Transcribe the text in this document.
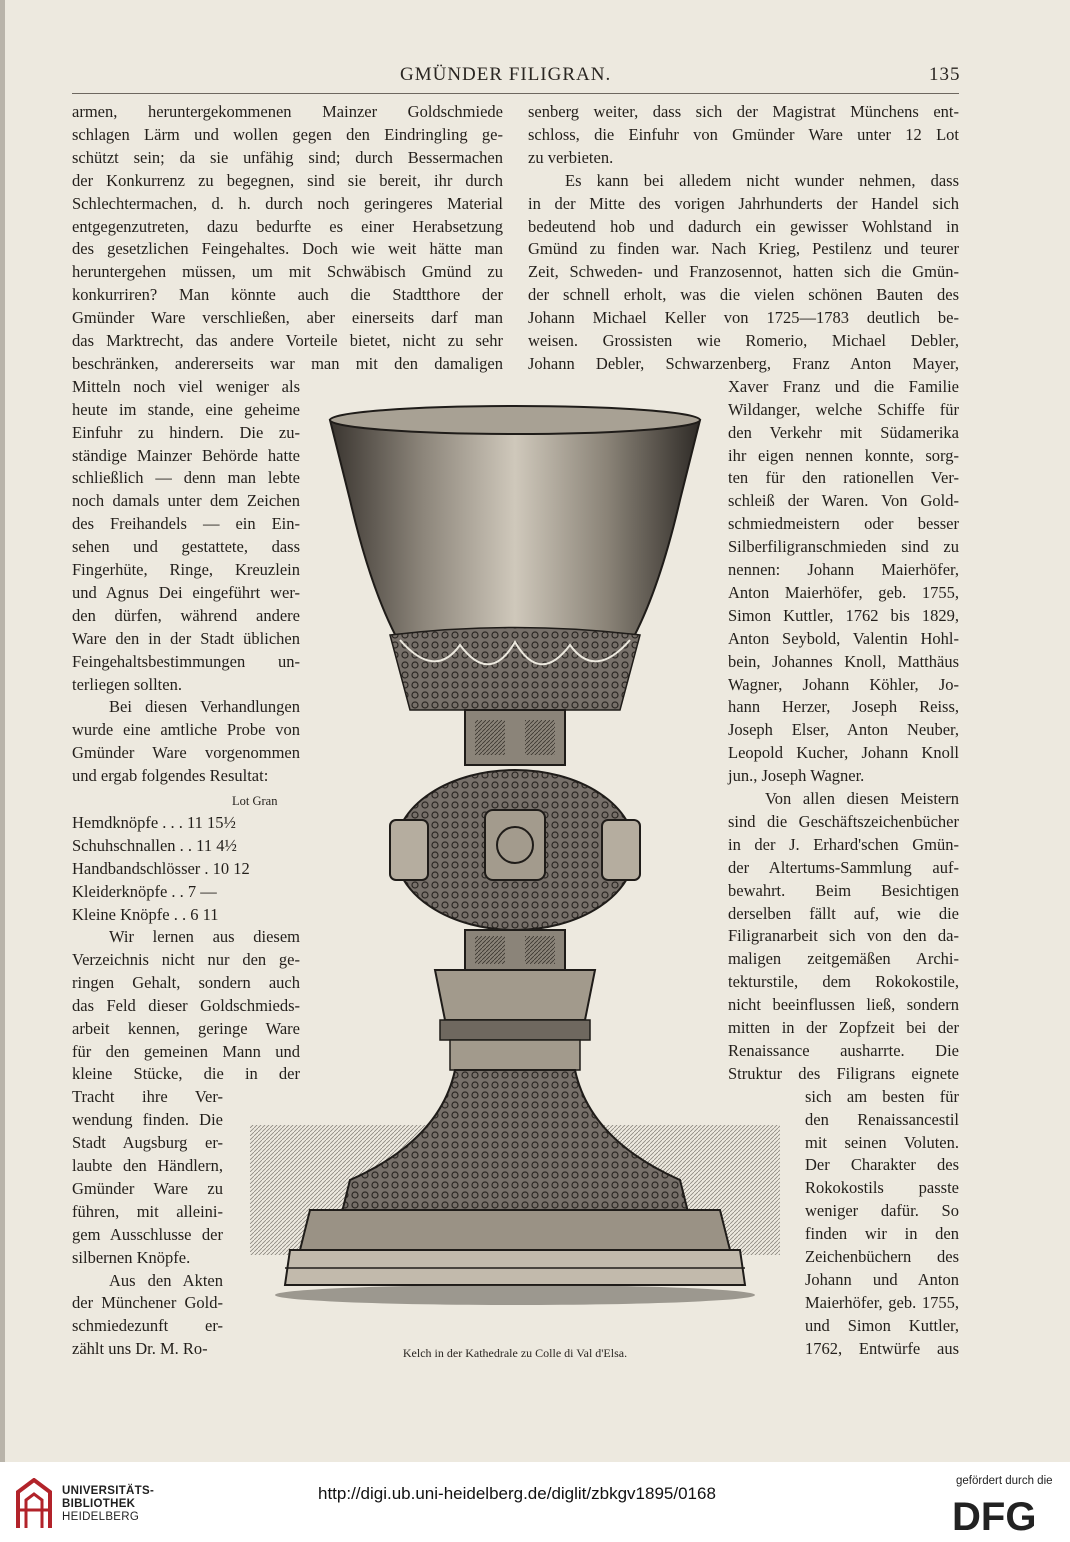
GMÜNDER FILIGRAN.	135
armen, heruntergekommenen Mainzer Goldschmiede
schlagen Lärm und wollen gegen den Eindringling ge-
schützt sein; da sie unfähig sind; durch Bessermachen
der Konkurrenz zu begegnen, sind sie bereit, ihr durch
Schlechtermachen, d. h. durch noch geringeres Material
entgegenzutreten, dazu bedurfte es einer Herabsetzung
des gesetzlichen Feingehaltes. Doch wie weit hätte man
heruntergehen müssen, um mit Schwäbisch Gmünd zu
konkurriren? Man könnte auch die Stadtthore der
Gmünder Ware verschließen, aber einerseits darf man
das Marktrecht, das andere Vorteile bietet, nicht zu sehr
beschränken, andererseits war man mit den damaligen
Mitteln noch viel weniger als
heute im stande, eine geheime
Einfuhr zu hindern. Die zu-
ständige Mainzer Behörde hatte
schließlich — denn man lebte
noch damals unter dem Zeichen
des Freihandels — ein Ein-
sehen und gestattete, dass
Fingerhüte, Ringe, Kreuzlein
und Agnus Dei eingeführt wer-
den dürfen, während andere
Ware den in der Stadt üblichen
Feingehaltsbestimmungen un-
terliegen sollten.
Bei diesen Verhandlungen
wurde eine amtliche Probe von
Gmünder Ware vorgenommen
und ergab folgendes Resultat:
Wir lernen aus diesem
Verzeichnis nicht nur den ge-
ringen Gehalt, sondern auch
das Feld dieser Goldschmieds-
arbeit kennen, geringe Ware
für den gemeinen Mann und
kleine Stücke, die in der
Tracht ihre Ver-
wendung finden. Die
Stadt Augsburg er-
laubte den Händlern,
Gmünder Ware zu
führen, mit alleini-
gem Ausschlusse der
silbernen Knöpfe.
Aus den Akten
der Münchener Gold-
schmiedezunft er-
zählt uns Dr. M. Ro-
Lot Gran
Hemdknöpfe . . . 11 15½
Schuhschnallen . . 11 4½
Handbandschlösser . 10 12
Kleiderknöpfe . . 7 —
Kleine Knöpfe . . 6 11
senberg weiter, dass sich der Magistrat Münchens ent-
schloss, die Einfuhr von Gmünder Ware unter 12 Lot
zu verbieten.
Es kann bei alledem nicht wunder nehmen, dass
in der Mitte des vorigen Jahrhunderts der Handel sich
bedeutend hob und dadurch ein gewisser Wohlstand in
Gmünd zu finden war. Nach Krieg, Pestilenz und teurer
Zeit, Schweden- und Franzosennot, hatten sich die Gmün-
der schnell erholt, was die vielen schönen Bauten des
Johann Michael Keller von 1725—1783 deutlich be-
weisen. Grossisten wie Romerio, Michael Debler,
Johann Debler, Schwarzenberg, Franz Anton Mayer,
Xaver Franz und die Familie
Wildanger, welche Schiffe für
den Verkehr mit Südamerika
ihr eigen nennen konnte, sorg-
ten für den rationellen Ver-
schleiß der Waren. Von Gold-
schmiedmeistern oder besser
Silberfiligranschmieden sind zu
nennen: Johann Maierhöfer,
Anton Maierhöfer, geb. 1755,
Simon Kuttler, 1762 bis 1829,
Anton Seybold, Valentin Hohl-
bein, Johannes Knoll, Matthäus
Wagner, Johann Köhler, Jo-
hann Herzer, Joseph Reiss,
Joseph Elser, Anton Neuber,
Leopold Kucher, Johann Knoll
jun., Joseph Wagner.
Von allen diesen Meistern
sind die Geschäftszeichenbücher
in der J. Erhard'schen Gmün-
der Altertums-Sammlung auf-
bewahrt. Beim Besichtigen
derselben fällt auf, wie die
Filigranarbeit sich von den da-
maligen zeitgemäßen Archi-
tekturstile, dem Rokokostile,
nicht beeinflussen ließ, sondern
mitten in der Zopfzeit bei der
Renaissance ausharrte. Die
Struktur des Filigrans eignete
sich am besten für
den Renaissancestil
mit seinen Voluten.
Der Charakter des
Rokokostils passte
weniger dafür. So
finden wir in den
Zeichenbüchern des
Johann und Anton
Maierhöfer, geb. 1755,
und Simon Kuttler,
1762, Entwürfe aus
Kelch in der Kathedrale zu Colle di Val d'Elsa.
UNIVERSITÄTS-
BIBLIOTHEK
HEIDELBERG
http://digi.ub.uni-heidelberg.de/diglit/zbkgv1895/0168
gefördert durch die
DFG
